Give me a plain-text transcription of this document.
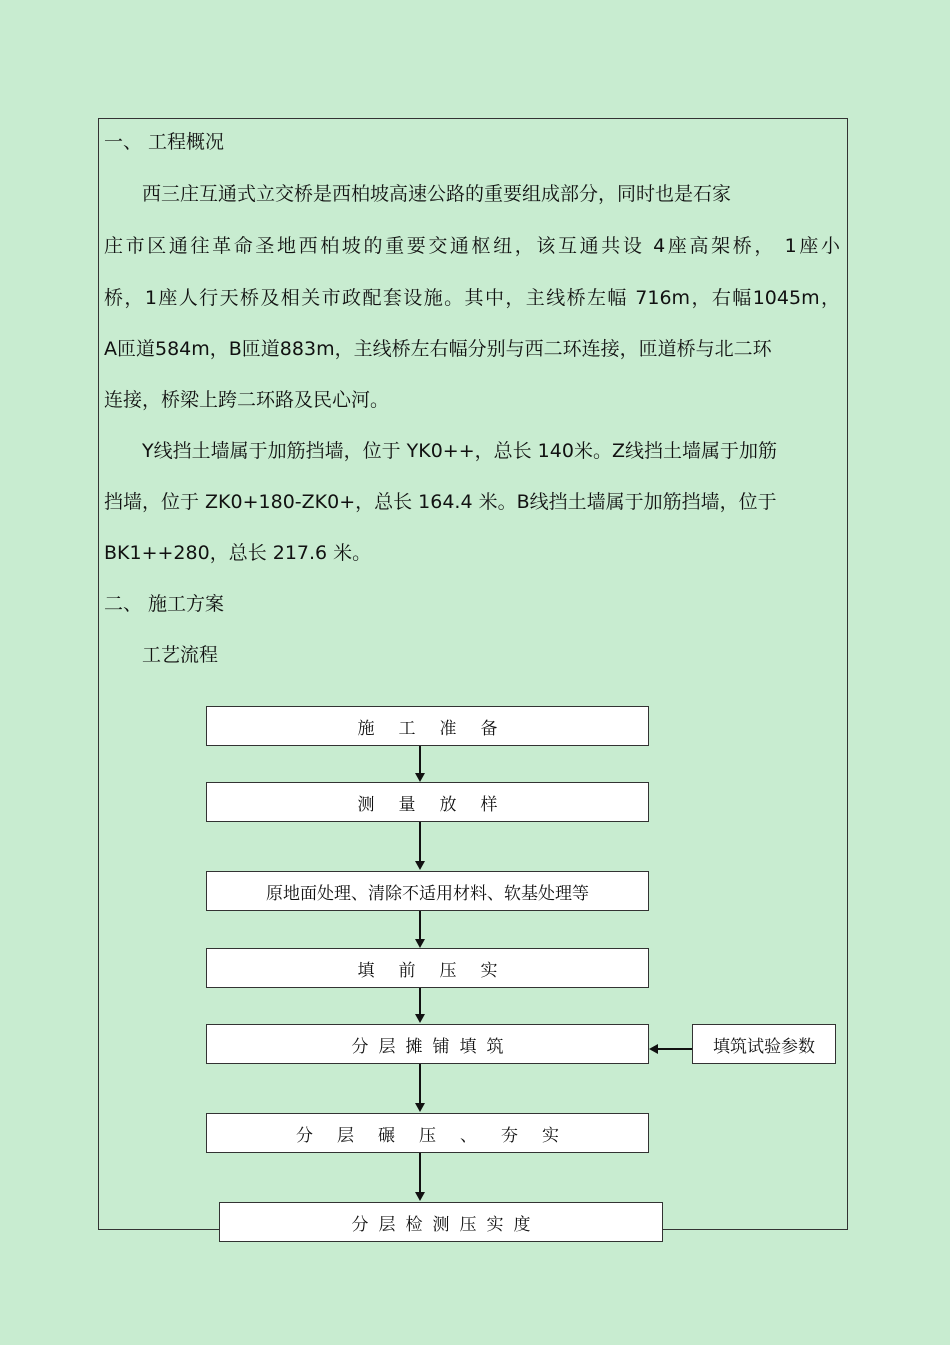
一、 工程概况
西三庄互通式立交桥是西柏坡高速公路的重要组成部分，同时也是石家
庄市区通往革命圣地西柏坡的重要交通枢纽，该互通共设 4座高架桥， 1座小
桥，1座人行天桥及相关市政配套设施。其中，主线桥左幅 716m，右幅1045m，
A匝道584m，B匝道883m，主线桥左右幅分别与西二环连接，匝道桥与北二环
连接，桥梁上跨二环路及民心河。
Y线挡土墙属于加筋挡墙，位于 YK0++，总长 140米。Z线挡土墙属于加筋
挡墙，位于 ZK0+180-ZK0+，总长 164.4 米。B线挡土墙属于加筋挡墙，位于
BK1++280，总长 217.6 米。
二、 施工方案
工艺流程
施工准备
测量放样
原地面处理、清除不适用材料、软基处理等
填前压实
分层摊铺填筑	填筑试验参数
分层碾压、夯实
分层检测压实度
